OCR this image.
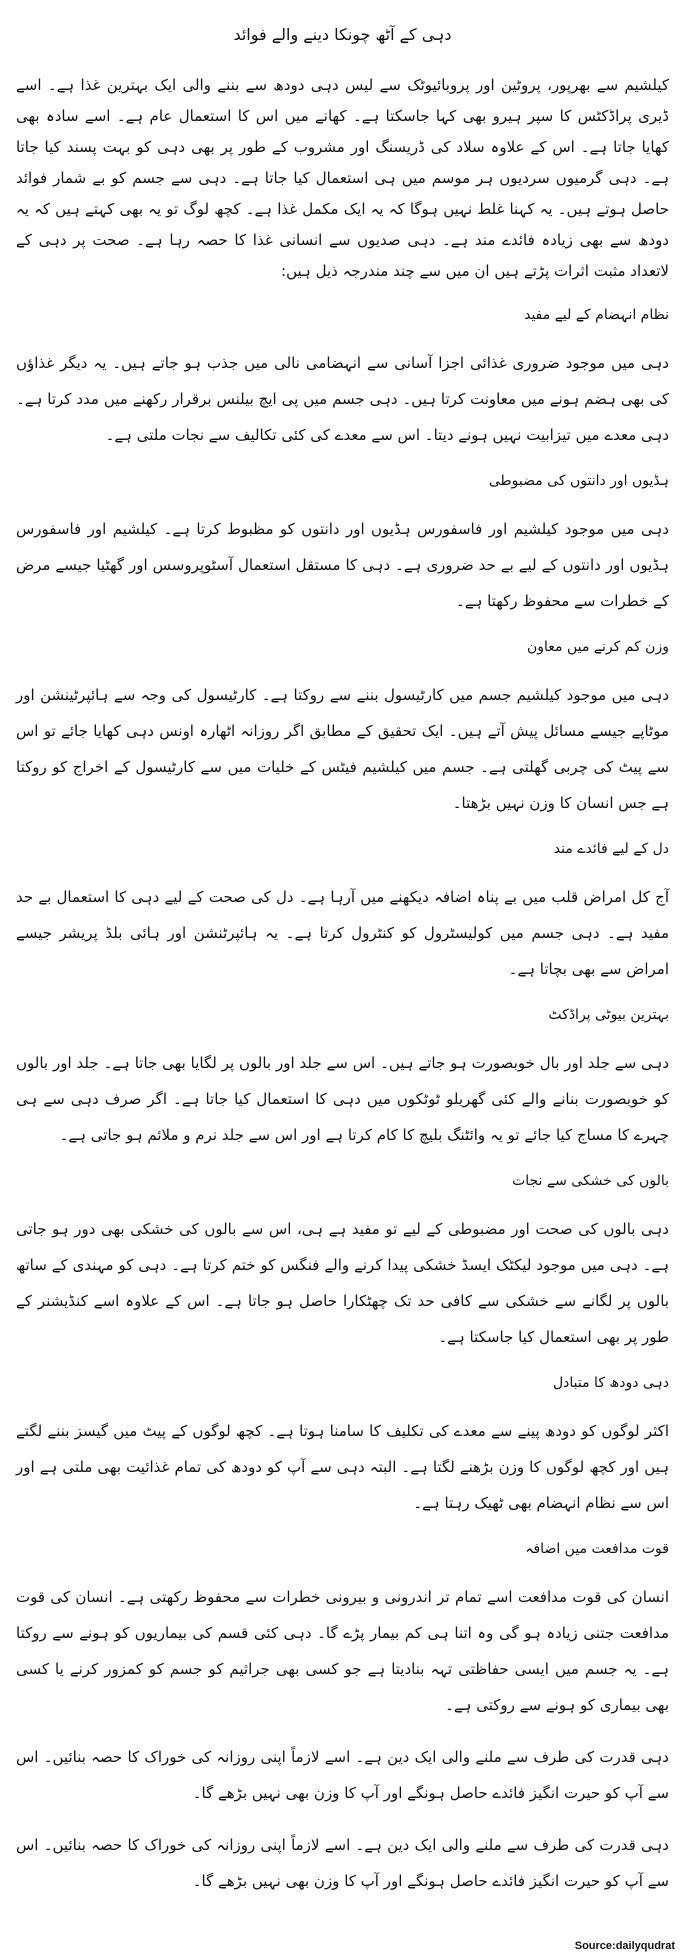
دہی کے آٹھ چونکا دینے والے فوائد

کیلشیم سے بھرپور، پروٹین اور پروبائیوٹک سے لیس دہی دودھ سے بننے والی ایک بہترین غذا ہے۔ اسے ڈیری پراڈکٹس کا سپر ہیرو بھی کہا جاسکتا ہے۔ کھانے میں اس کا استعمال عام ہے۔ اسے سادہ بھی کھایا جاتا ہے۔ اس کے علاوہ سلاد کی ڈریسنگ اور مشروب کے طور پر بھی دہی کو بہت پسند کیا جاتا ہے۔ دہی گرمیوں سردیوں ہر موسم میں ہی استعمال کیا جاتا ہے۔ دہی سے جسم کو بے شمار فوائد حاصل ہوتے ہیں۔ یہ کہنا غلط نہیں ہوگا کہ یہ ایک مکمل غذا ہے۔ کچھ لوگ تو یہ بھی کہتے ہیں کہ یہ دودھ سے بھی زیادہ فائدے مند ہے۔ دہی صدیوں سے انسانی غذا کا حصہ رہا ہے۔ صحت پر دہی کے لاتعداد مثبت اثرات پڑتے ہیں ان میں سے چند مندرجہ ذیل ہیں:

نظام انہضام کے لیے مفید

دہی میں موجود ضروری غذائی اجزا آسانی سے انہضامی نالی میں جذب ہو جاتے ہیں۔ یہ دیگر غذاؤں کی بھی ہضم ہونے میں معاونت کرتا ہیں۔ دہی جسم میں پی ایچ بیلنس برقرار رکھنے میں مدد کرتا ہے۔ دہی معدے میں تیزابیت نہیں ہونے دیتا۔ اس سے معدے کی کئی تکالیف سے نجات ملتی ہے۔

ہڈیوں اور دانتوں کی مضبوطی

دہی میں موجود کیلشیم اور فاسفورس ہڈیوں اور دانتوں کو مظبوط کرتا ہے۔ کیلشیم اور فاسفورس ہڈیوں اور دانتوں کے لیے بے حد ضروری ہے۔ دہی کا مستقل استعمال آسٹوپروسس اور گھٹیا جیسے مرض کے خطرات سے محفوظ رکھتا ہے۔

وزن کم کرنے میں معاون

دہی میں موجود کیلشیم جسم میں کارٹیسول بننے سے روکتا ہے۔ کارٹیسول کی وجہ سے ہائپرٹینشن اور موٹاپے جیسے مسائل پیش آتے ہیں۔ ایک تحقیق کے مطابق اگر روزانہ اٹھارہ اونس دہی کھایا جائے تو اس سے پیٹ کی چربی گھلتی ہے۔ جسم میں کیلشیم فیٹس کے خلیات میں سے کارٹیسول کے اخراج کو روکتا ہے جس انسان کا وزن نہیں بڑھتا۔

دل کے لیے فائدے مند

آج کل امراض قلب میں بے پناہ اضافہ دیکھنے میں آرہا ہے۔ دل کی صحت کے لیے دہی کا استعمال بے حد مفید ہے۔ دہی جسم میں کولیسٹرول کو کنٹرول کرتا ہے۔ یہ ہائپرٹنشن اور ہائی بلڈ پریشر جیسے امراض سے بھی بچاتا ہے۔

بہترین بیوٹی پراڈکٹ

دہی سے جلد اور بال خوبصورت ہو جاتے ہیں۔ اس سے جلد اور بالوں پر لگایا بھی جاتا ہے۔ جلد اور بالوں کو خوبصورت بنانے والے کئی گھریلو ٹوٹکوں میں دہی کا استعمال کیا جاتا ہے۔ اگر صرف دہی سے ہی چہرے کا مساج کیا جائے تو یہ وائٹنگ بلیچ کا کام کرتا ہے اور اس سے جلد نرم و ملائم ہو جاتی ہے۔

بالوں کی خشکی سے نجات

دہی بالوں کی صحت اور مضبوطی کے لیے تو مفید ہے ہی، اس سے بالوں کی خشکی بھی دور ہو جاتی ہے۔ دہی میں موجود لیکٹک ایسڈ خشکی پیدا کرنے والے فنگس کو ختم کرتا ہے۔ دہی کو مہندی کے ساتھ بالوں پر لگانے سے خشکی سے کافی حد تک چھٹکارا حاصل ہو جاتا ہے۔ اس کے علاوہ اسے کنڈیشنر کے طور پر بھی استعمال کیا جاسکتا ہے۔

دہی دودھ کا متبادل

اکثر لوگوں کو دودھ پینے سے معدے کی تکلیف کا سامنا ہوتا ہے۔ کچھ لوگوں کے پیٹ میں گیسز بننے لگتے ہیں اور کچھ لوگوں کا وزن بڑھنے لگتا ہے۔ البتہ دہی سے آپ کو دودھ کی تمام غذائیت بھی ملتی ہے اور اس سے نظام انہضام بھی ٹھیک رہتا ہے۔

قوت مدافعت میں اضافہ

انسان کی قوت مدافعت اسے تمام تر اندرونی و بیرونی خطرات سے محفوظ رکھتی ہے۔ انسان کی قوت مدافعت جتنی زیادہ ہو گی وہ اتنا ہی کم بیمار پڑے گا۔ دہی کئی قسم کی بیماریوں کو ہونے سے روکتا ہے۔ یہ جسم میں ایسی حفاظتی تہہ بنادیتا ہے جو کسی بھی جراثیم کو جسم کو کمزور کرنے یا کسی بھی بیماری کو ہونے سے روکتی ہے۔

دہی قدرت کی طرف سے ملنے والی ایک دین ہے۔ اسے لازماً اپنی روزانہ کی خوراک کا حصہ بنائیں۔ اس سے آپ کو حیرت انگیز فائدے حاصل ہونگے اور آپ کا وزن بھی نہیں بڑھے گا۔

دہی قدرت کی طرف سے ملنے والی ایک دین ہے۔ اسے لازماً اپنی روزانہ کی خوراک کا حصہ بنائیں۔ اس سے آپ کو حیرت انگیز فائدے حاصل ہونگے اور آپ کا وزن بھی نہیں بڑھے گا۔

Source:dailyqudrat
